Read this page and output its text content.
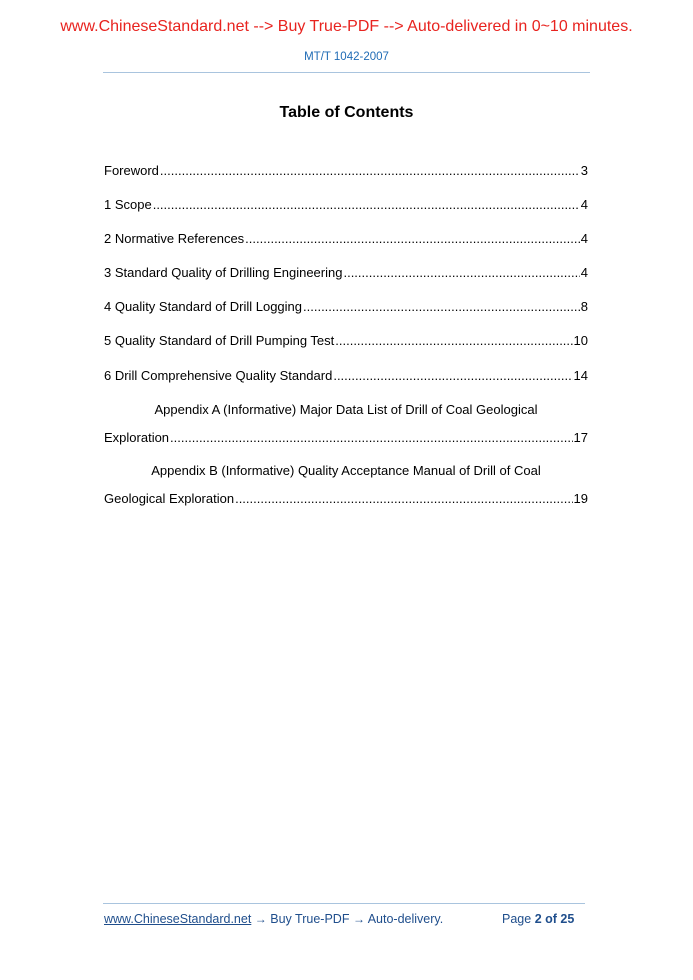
www.ChineseStandard.net --> Buy True-PDF --> Auto-delivered in 0~10 minutes.
MT/T 1042-2007
Table of Contents
Foreword .....	3
1 Scope .....	4
2 Normative References .....	4
3 Standard Quality of Drilling Engineering .....	4
4 Quality Standard of Drill Logging .....	8
5 Quality Standard of Drill Pumping Test .....	10
6 Drill Comprehensive Quality Standard .....	14
Appendix A (Informative) Major Data List of Drill of Coal Geological
Exploration .....	17
Appendix B (Informative) Quality Acceptance Manual of Drill of Coal
Geological Exploration .....	19
www.ChineseStandard.net → Buy True-PDF → Auto-delivery.	Page 2 of 25
